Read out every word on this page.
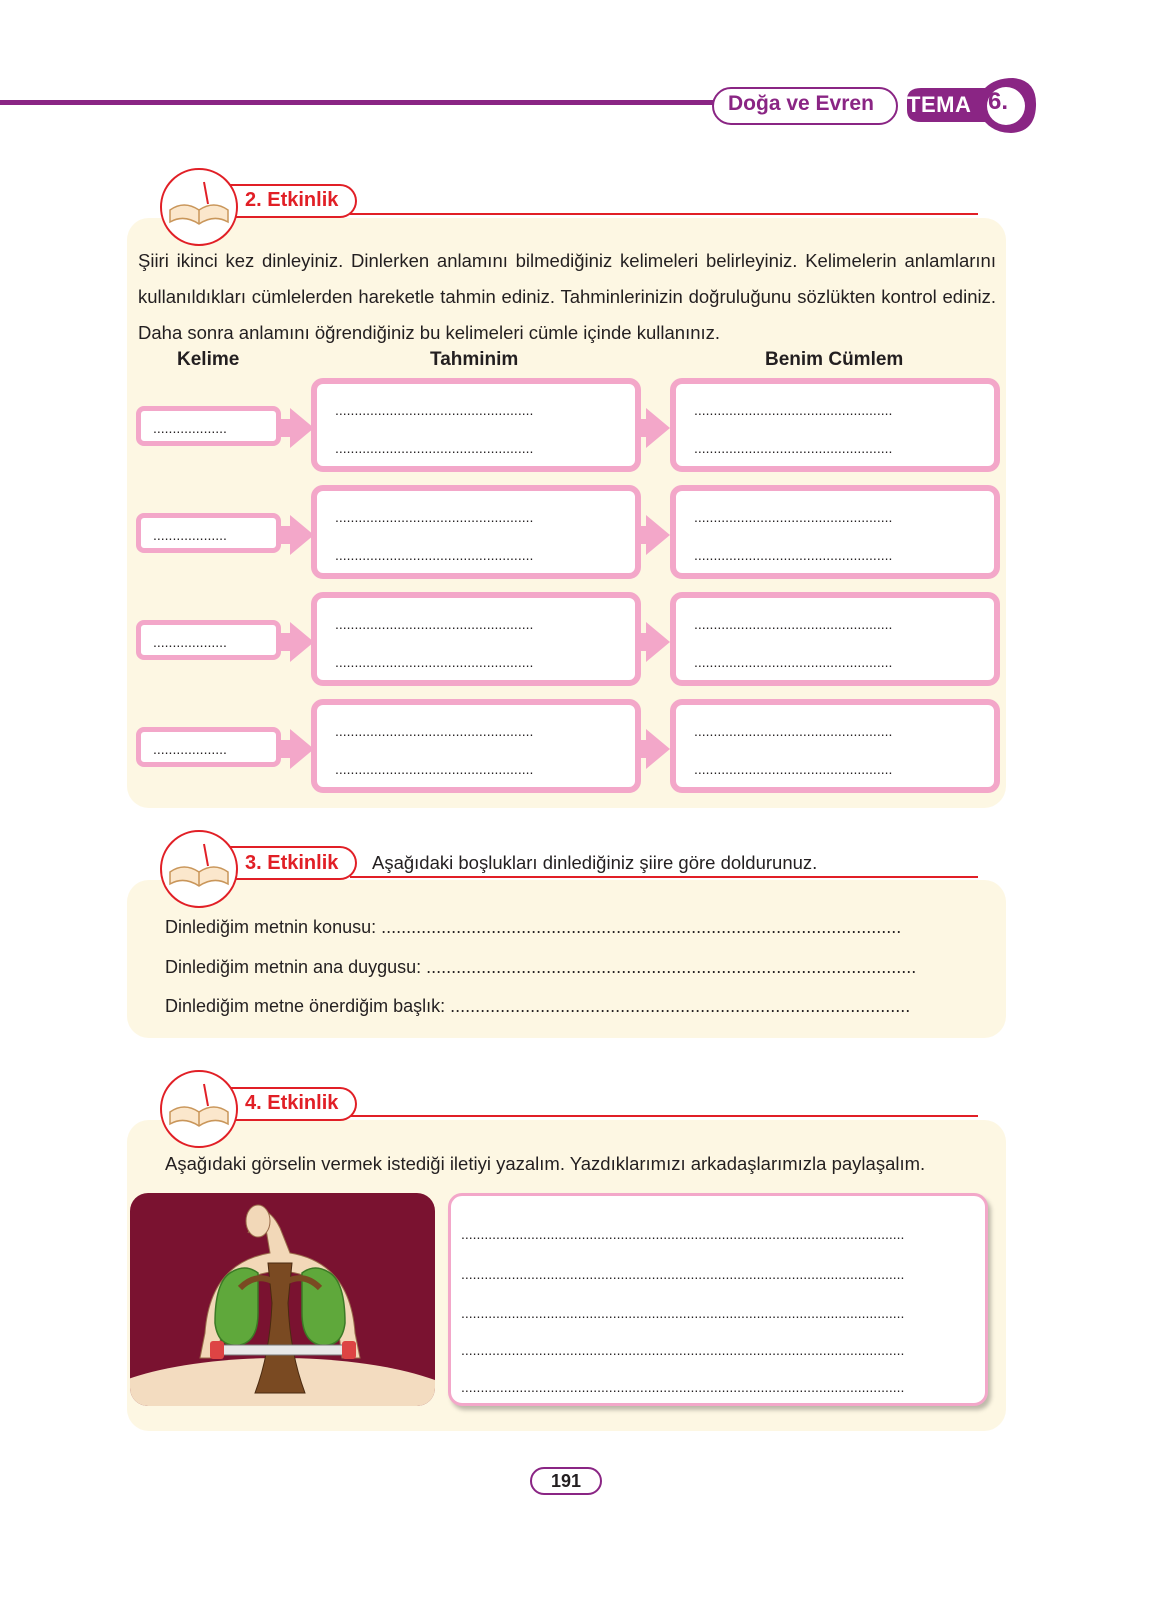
Doğa ve Evren TEMA 6.
2. Etkinlik
Şiiri ikinci kez dinleyiniz. Dinlerken anlamını bilmediğiniz kelimeleri belirleyiniz. Kelimelerin anlamlarını kullanıldıkları cümlelerden hareketle tahmin ediniz. Tahminlerinizin doğruluğunu sözlükten kontrol ediniz. Daha sonra anlamını öğrendiğiniz bu kelimeleri cümle içinde kullanınız.
Kelime	Tahminim	Benim Cümlem
...................
...................................................
...................................................
...................................................
...................................................
...................
...................................................
...................................................
...................................................
...................................................
...................
...................................................
...................................................
...................................................
...................................................
...................
...................................................
...................................................
...................................................
...................................................
3. Etkinlik Aşağıdaki boşlukları dinlediğiniz şiire göre doldurunuz.
Dinlediğim metnin konusu: ........................................................................................................
Dinlediğim metnin ana duygusu: ..................................................................................................
Dinlediğim metne önerdiğim başlık: ............................................................................................
4. Etkinlik
Aşağıdaki görselin vermek istediği iletiyi yazalım. Yazdıklarımızı arkadaşlarımızla paylaşalım.
..................................................................................................................
..................................................................................................................
..................................................................................................................
..................................................................................................................
..................................................................................................................
191
